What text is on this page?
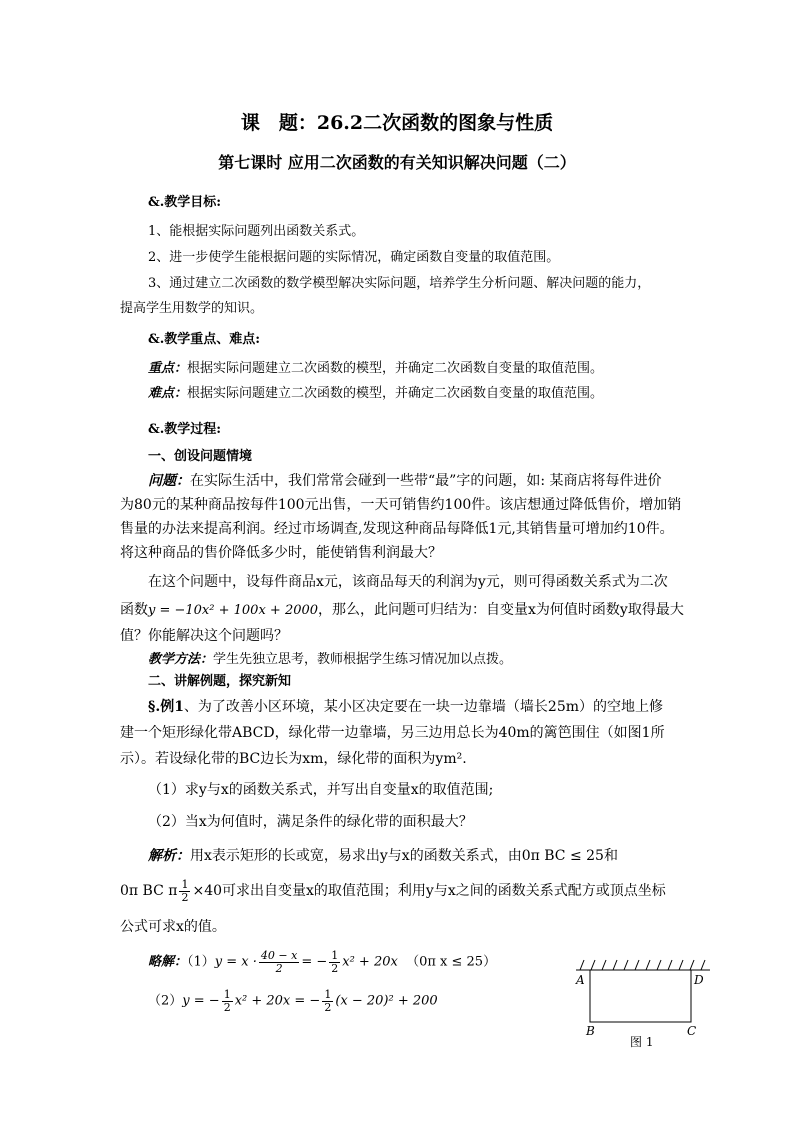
课　题：26.2二次函数的图象与性质
第七课时 应用二次函数的有关知识解决问题（二）
&.教学目标:
1、能根据实际问题列出函数关系式。
2、进一步使学生能根据问题的实际情况，确定函数自变量的取值范围。
3、通过建立二次函数的数学模型解决实际问题，培养学生分析问题、解决问题的能力，
提高学生用数学的知识。
&.教学重点、难点:
重点：根据实际问题建立二次函数的模型，并确定二次函数自变量的取值范围。
难点：根据实际问题建立二次函数的模型，并确定二次函数自变量的取值范围。
&.教学过程:
一、创设问题情境
问题：在实际生活中，我们常常会碰到一些带“最”字的问题，如: 某商店将每件进价
为80元的某种商品按每件100元出售，一天可销售约100件。该店想通过降低售价，增加销
售量的办法来提高利润。经过市场调查,发现这种商品每降低1元,其销售量可增加约10件。
将这种商品的售价降低多少时，能使销售利润最大？
在这个问题中，设每件商品x元，该商品每天的利润为y元，则可得函数关系式为二次
函数y = −10x² + 100x + 2000，那么，此问题可归结为：自变量x为何值时函数y取得最大
值？你能解决这个问题吗？
教学方法：学生先独立思考，教师根据学生练习情况加以点拨。
二、讲解例题，探究新知
§.例1、为了改善小区环境，某小区决定要在一块一边靠墙（墙长25m）的空地上修
建一个矩形绿化带ABCD，绿化带一边靠墙，另三边用总长为40m的篱笆围住（如图1所
示）。若设绿化带的BC边长为xm，绿化带的面积为ym².
（1）求y与x的函数关系式，并写出自变量x的取值范围;
（2）当x为何值时，满足条件的绿化带的面积最大？
解析：用x表示矩形的长或宽，易求出y与x的函数关系式，由0π BC ≤ 25和
0π BC π $\frac{1}{2} \times 40$可求出自变量x的取值范围；利用y与x之间的函数关系式配方或顶点坐标
公式可求x的值。
略解：$(1)y = x \cdot \frac{40 - x}{2}$ = − $\frac{1}{2} x^2 + 20x$ （0π x ≤ 25）
（2）y = − $\frac{1}{2} x^2 + 20x$ = − $\frac{1}{2} (x - 20)^2 + 200$
A	D
B	C
图 1
